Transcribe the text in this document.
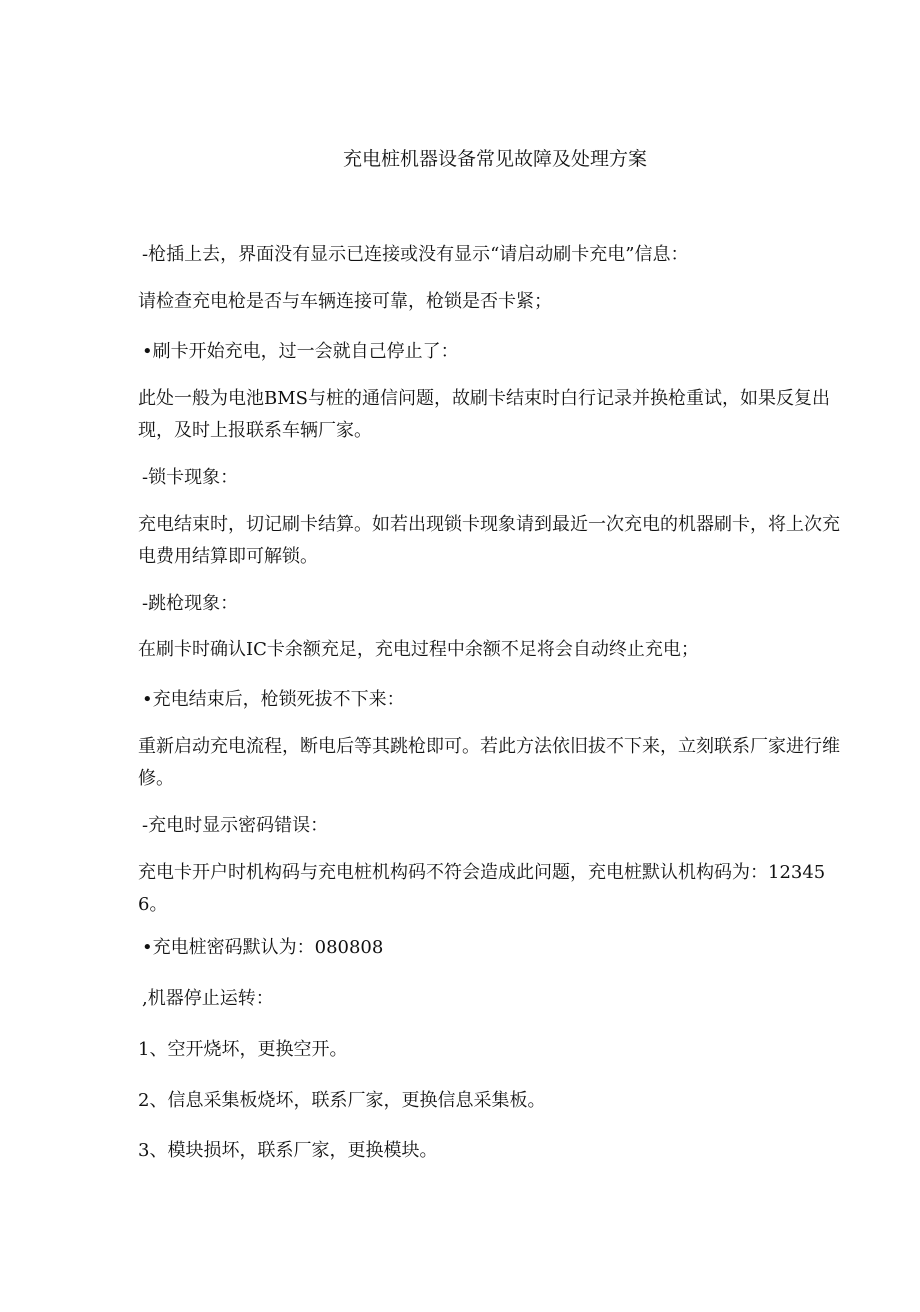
充电桩机器设备常见故障及处理方案

-枪插上去，界面没有显示已连接或没有显示“请启动刷卡充电”信息：

请检查充电枪是否与车辆连接可靠，枪锁是否卡紧；

•刷卡开始充电，过一会就自己停止了：

此处一般为电池BMS与桩的通信问题，故刷卡结束时白行记录并换枪重试，如果反复出现，及时上报联系车辆厂家。

-锁卡现象：

充电结束时，切记刷卡结算。如若出现锁卡现象请到最近一次充电的机器刷卡，将上次充电费用结算即可解锁。

-跳枪现象：

在刷卡时确认IC卡余额充足，充电过程中余额不足将会自动终止充电；

•充电结束后，枪锁死拔不下来：

重新启动充电流程，断电后等其跳枪即可。若此方法依旧拔不下来，立刻联系厂家进行维修。

-充电时显示密码错误：

充电卡开户时机构码与充电桩机构码不符会造成此问题，充电桩默认机构码为：123456。

•充电桩密码默认为：080808

,机器停止运转：

1、空开烧坏，更换空开。

2、信息采集板烧坏，联系厂家，更换信息采集板。

3、模块损坏，联系厂家，更换模块。
